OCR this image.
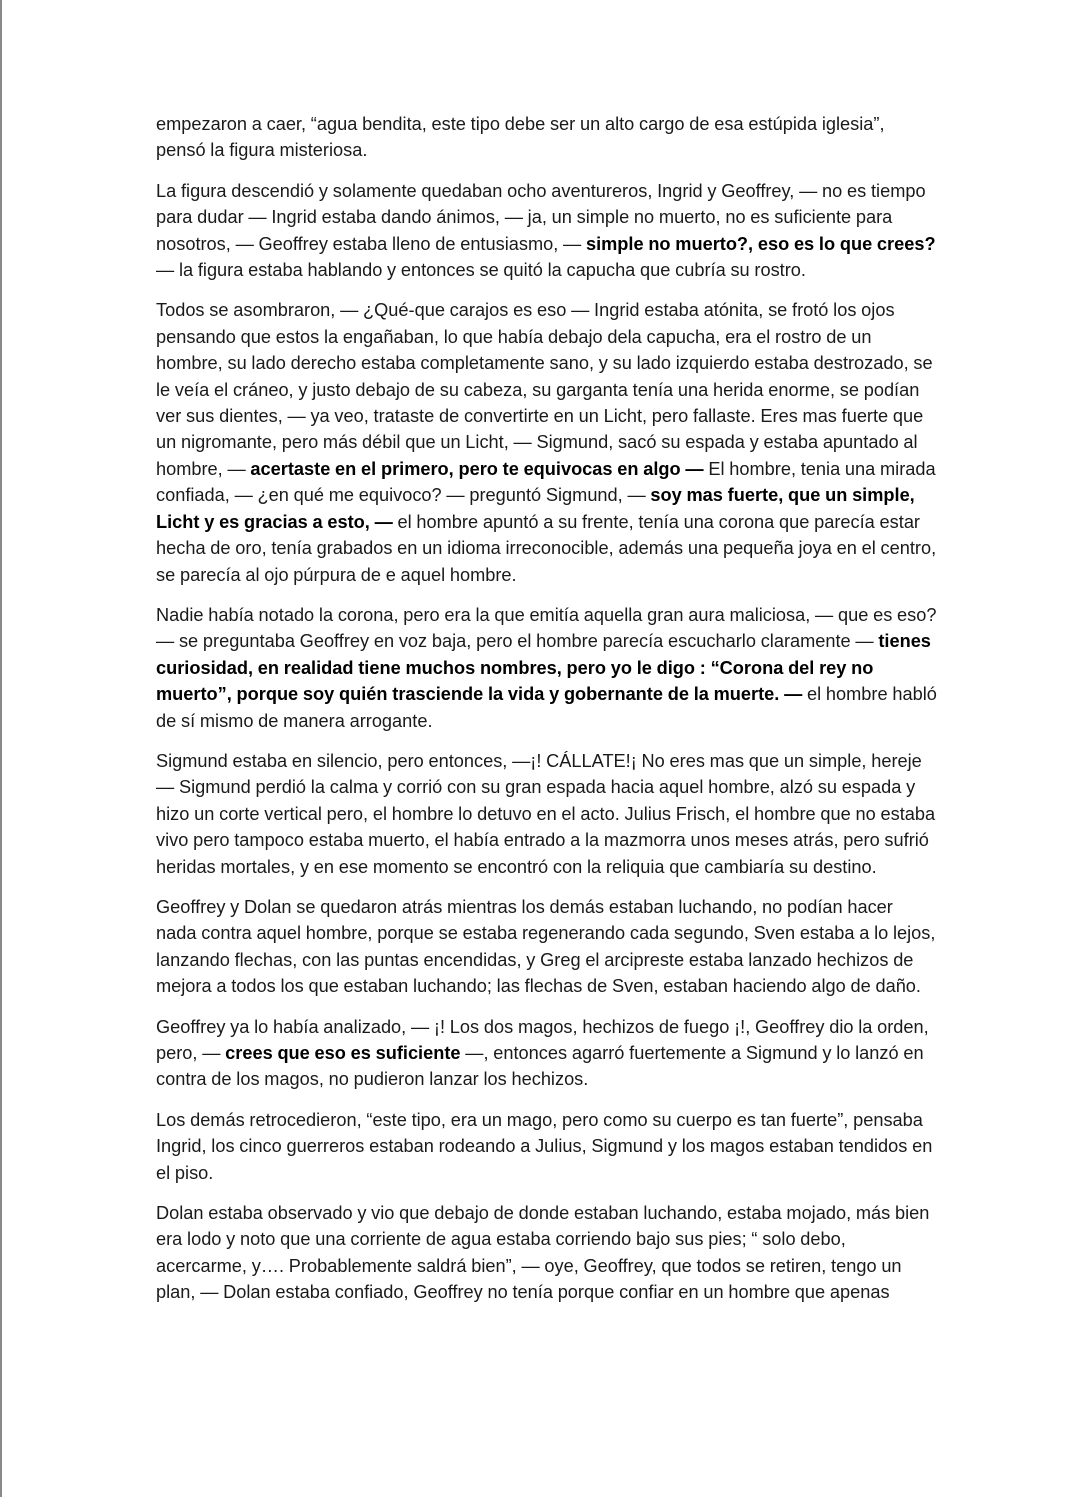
empezaron a caer, “agua bendita, este tipo debe ser un alto cargo de esa estúpida iglesia”, pensó la figura misteriosa.

La figura descendió y solamente quedaban ocho aventureros, Ingrid y Geoffrey, — no es tiempo para dudar — Ingrid estaba dando ánimos, — ja, un simple no muerto, no es suficiente para nosotros, — Geoffrey estaba lleno de entusiasmo, — simple no muerto?, eso es lo que crees? — la figura estaba hablando y entonces se quitó la capucha que cubría su rostro.

Todos se asombraron, — ¿Qué-que carajos es eso — Ingrid estaba atónita, se frotó los ojos pensando que estos la engañaban, lo que había debajo dela capucha, era el rostro de un hombre, su lado derecho estaba completamente sano, y su lado izquierdo estaba destrozado, se le veía el cráneo, y justo debajo de su cabeza, su garganta tenía una herida enorme, se podían ver sus dientes, — ya veo, trataste de convertirte en un Licht, pero fallaste. Eres mas fuerte que un nigromante, pero más débil que un Licht, — Sigmund, sacó su espada y estaba apuntado al hombre, — acertaste en el primero, pero te equivocas en algo — El hombre, tenia una mirada confiada, — ¿en qué me equivoco? — preguntó Sigmund, — soy mas fuerte, que un simple, Licht y es gracias a esto, — el hombre apuntó a su frente, tenía una corona que parecía estar hecha de oro, tenía grabados en un idioma irreconocible, además una pequeña joya en el centro, se parecía al ojo púrpura de e aquel hombre.

Nadie había notado la corona, pero era la que emitía aquella gran aura maliciosa, — que es eso? — se preguntaba Geoffrey en voz baja, pero el hombre parecía escucharlo claramente — tienes curiosidad, en realidad tiene muchos nombres, pero yo le digo : “Corona del rey no muerto”, porque soy quién trasciende la vida y gobernante de la muerte. — el hombre habló de sí mismo de manera arrogante.

Sigmund estaba en silencio, pero entonces, —¡! CÁLLATE!¡ No eres mas que un simple, hereje — Sigmund perdió la calma y corrió con su gran espada hacia aquel hombre, alzó su espada y hizo un corte vertical pero, el hombre lo detuvo en el acto. Julius Frisch, el hombre que no estaba vivo pero tampoco estaba muerto, el había entrado a la mazmorra unos meses atrás, pero sufrió heridas mortales, y en ese momento se encontró con la reliquia que cambiaría su destino.

Geoffrey y Dolan se quedaron atrás mientras los demás estaban luchando, no podían hacer nada contra aquel hombre, porque se estaba regenerando cada segundo, Sven estaba a lo lejos, lanzando flechas, con las puntas encendidas, y Greg el arcipreste estaba lanzado hechizos de mejora a todos los que estaban luchando; las flechas de Sven, estaban haciendo algo de daño.

Geoffrey ya lo había analizado, — ¡! Los dos magos, hechizos de fuego ¡!, Geoffrey dio la orden, pero, — crees que eso es suficiente —, entonces agarró fuertemente a Sigmund y lo lanzó en contra de los magos, no pudieron lanzar los hechizos.

Los demás retrocedieron, “este tipo, era un mago, pero como su cuerpo es tan fuerte”, pensaba Ingrid, los cinco guerreros estaban rodeando a Julius, Sigmund y los magos estaban tendidos en el piso.

Dolan estaba observado y vio que debajo de donde estaban luchando, estaba mojado, más bien era lodo y noto que una corriente de agua estaba corriendo bajo sus pies; “ solo debo, acercarme, y…. Probablemente saldrá bien”, — oye, Geoffrey, que todos se retiren, tengo un plan, — Dolan estaba confiado, Geoffrey no tenía porque confiar en un hombre que apenas
